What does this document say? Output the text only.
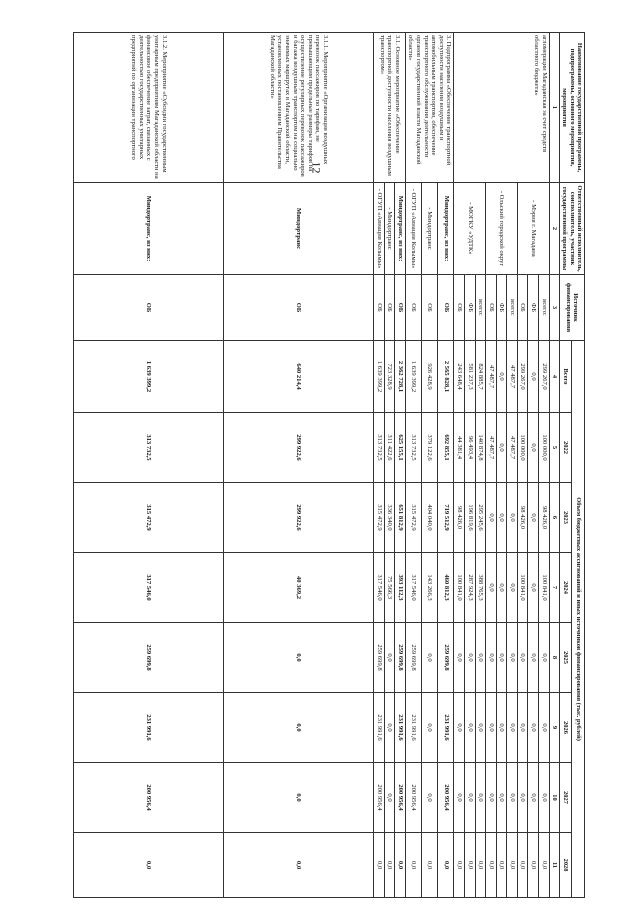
12	Наименование государственной программы, подпрограммы, основного мероприятия, мероприятия	Ответственный исполнитель, соисполнитель, участник государственной программы	Источник финансирования	Объем бюджетных ассигнований и иных источников финансирования (тыс. рублей)							
			Всего	2022	2023	2024	2025	2026	2027	2028
1	2	3	4	5	6	7	8	9	10	11
агломерации Магаданская за счет средств областного бюджета»	- Мэрия г. Магадана	всего:	299 267,0	100 000,0	98 426,0	100 841,0	0,0	0,0	0,0	0,0
		ФБ	0,0	0,0	0,0	0,0	0,0	0,0	0,0	0,0
		ОБ	299 267,0	100 000,0	98 426,0	100 841,0	0,0	0,0	0,0	0,0
	- Ольский городской округ	всего:	47 487,7	47 487,7	0,0	0,0	0,0	0,0	0,0	0,0
		ФБ	0,0	0,0	0,0	0,0	0,0	0,0	0,0	0,0
		ОБ	47 487,7	47 487,7	0,0	0,0	0,0	0,0	0,0	0,0
	- МОГКУ «УДТК»	всего:	824 885,7	140 874,8	295 245,6	388 765,3	0,0	0,0	0,0	0,0
		ФБ	581 237,3	96 493,4	196 819,6	287 924,3	0,0	0,0	0,0	0,0
		ОБ	243 648,4	44 381,4	98 426,0	100 841,0	0,0	0,0	0,0	0,0
3. Подпрограмма «Обеспечение транспортной доступности населения воздушным и автомобильным транспортом, обеспечение транспортного обслуживания деятельности органов государственной власти Магаданской области»	Миндортранс, из них:	ОБ	2 565 828,1	692 855,1	719 512,9	460 812,3	259 699,8	231 991,6	200 956,4	0,0
	- Миндортранс	ОБ	926 428,9	379 122,6	404 040,0	143 266,3	0,0	0,0	0,0	0,0
	- ОГУП «Авиация Колымы»	ОБ	1 639 399,2	313 732,5	315 472,9	317 546,0	259 699,8	231 991,6	200 956,4	0,0
3.1. Основное мероприятие «Обеспечение транспортной доступности населения воздушным транспортом»	Миндортранс, из них:	ОБ	2 362 728,1	625 155,1	651 812,9	393 112,3	259 699,8	231 991,6	200 956,4	0,0
	- Миндортранс	ОБ	723 328,9	311 422,6	336 340,0	75 566,3	0,0	0,0	0,0	0,0
	- ОГУП «Авиация Колымы»	ОБ	1 639 399,2	313 732,5	315 472,9	317 546,0	259 699,8	231 991,6	200 956,4	0,0
3.1.1. Мероприятие «Организация воздушных перевозок пассажиров по тарифам, не превышающим предельные размеры тарифов на осуществление регулярных перевозок пассажиров и багажа воздушным транспортом на социально значимых маршрутах в Магаданской области, установленных постановлением Правительства Магаданской области»	Миндортранс	ОБ	640 214,4	299 922,6	299 922,6	40 369,2	0,0	0,0	0,0	0,0
3.1.2. Мероприятие «Субсидии государственным унитарным предприятиям Магаданской области на финансовое обеспечение затрат, связанных с деятельностью государственных унитарных предприятий по организации транспортного	Миндортранс, из них:	ОБ	1 639 399,2	313 732,5	315 472,9	317 546,0	259 699,8	231 991,6	200 956,4	0,0
